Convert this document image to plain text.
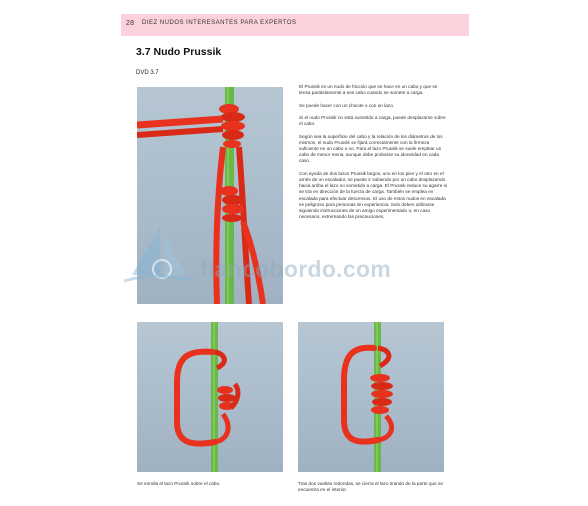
28 DIEZ NUDOS INTERESANTES PARA EXPERTOS
3.7 Nudo Prussik
DVD 3.7

El Prussik es un nudo de fricción que se hace en un cabo y que se tensa paralelamente a ese cabo cuando se somete a carga.

Se puede hacer con un chicote o con un lazo.

Si el nudo Prussik no está sometido a carga, puede desplazarse sobre el cabo.

Según sea la superficie del cabo y la relación de los diámetros de los mismos, el nudo Prussik se fijará correctamente con la firmeza suficiente en un cabo o no. Para el lazo Prussik se suele emplear un cabo de menor mena, aunque debe probarse su idoneidad en cada caso.

Con ayuda de dos lazos Prussik largos, uno en los pies y el otro en el arnés de un escalador, se puede ir subiendo por un cabo desplazando hacia arriba el lazo no sometido a carga. El Prussik reduce su agarre si se tira en dirección de la fuerza de carga. También se emplea en escalada para efectuar descensos. El uso de estos nudos en escalada es peligroso para personas sin experiencia. Solo deben utilizarse siguiendo instrucciones de un amigo experimentado o, en caso necesario, extremando las precauciones.

fiancobordo.com
Se enrolla el lazo Prussik sobre el cabo.	Tras dos vueltas redondas, se cierra el lazo tirando de la parte que se encuentra en el interior.
